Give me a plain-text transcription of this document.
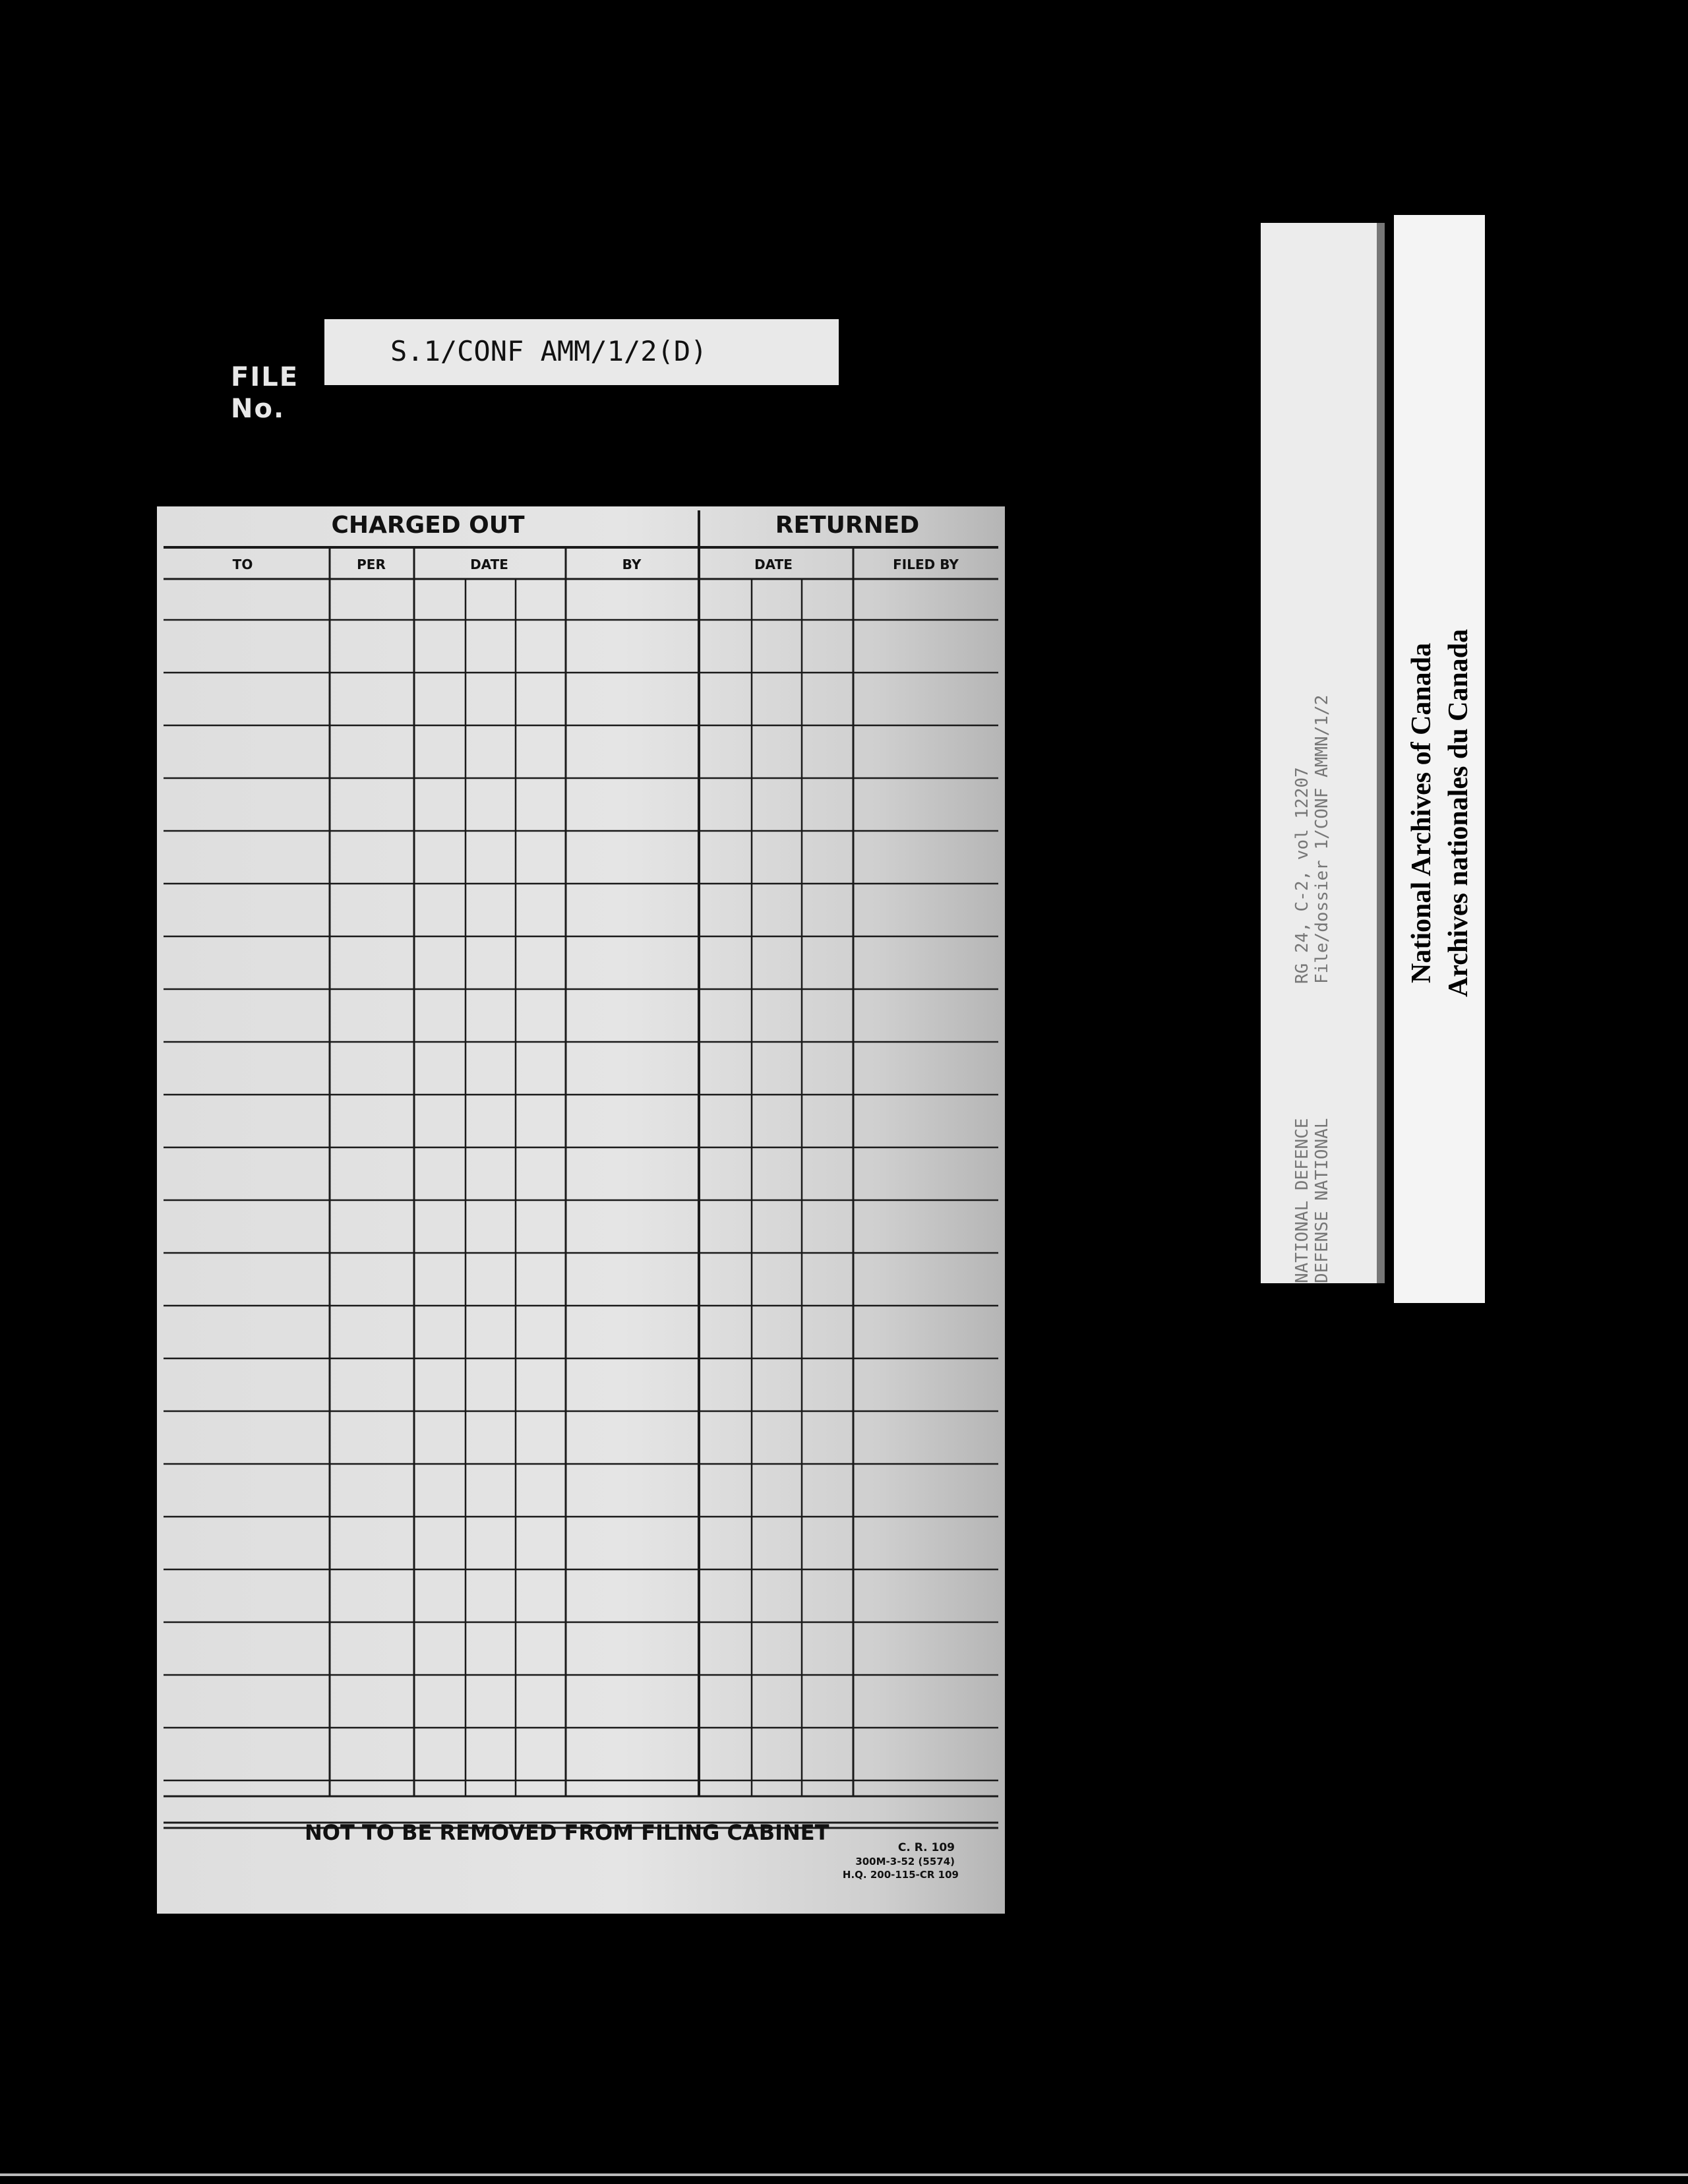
FILE
No.
S.1/CONF AMM/1/2(D)
CHARGED OUT	RETURNED
TO	PER	DATE	BY	DATE	FILED BY
NOT TO BE REMOVED FROM FILING CABINET
C. R. 109
300M-3-52 (5574)
H.Q. 200-115-CR 109
NATIONAL DEFENCE             RG 24, C-2, vol 12207 DEFENSE NATIONAL             File/dossier 1/CONF AMMN/1/2	National Archives of Canada Archives nationales du Canada
